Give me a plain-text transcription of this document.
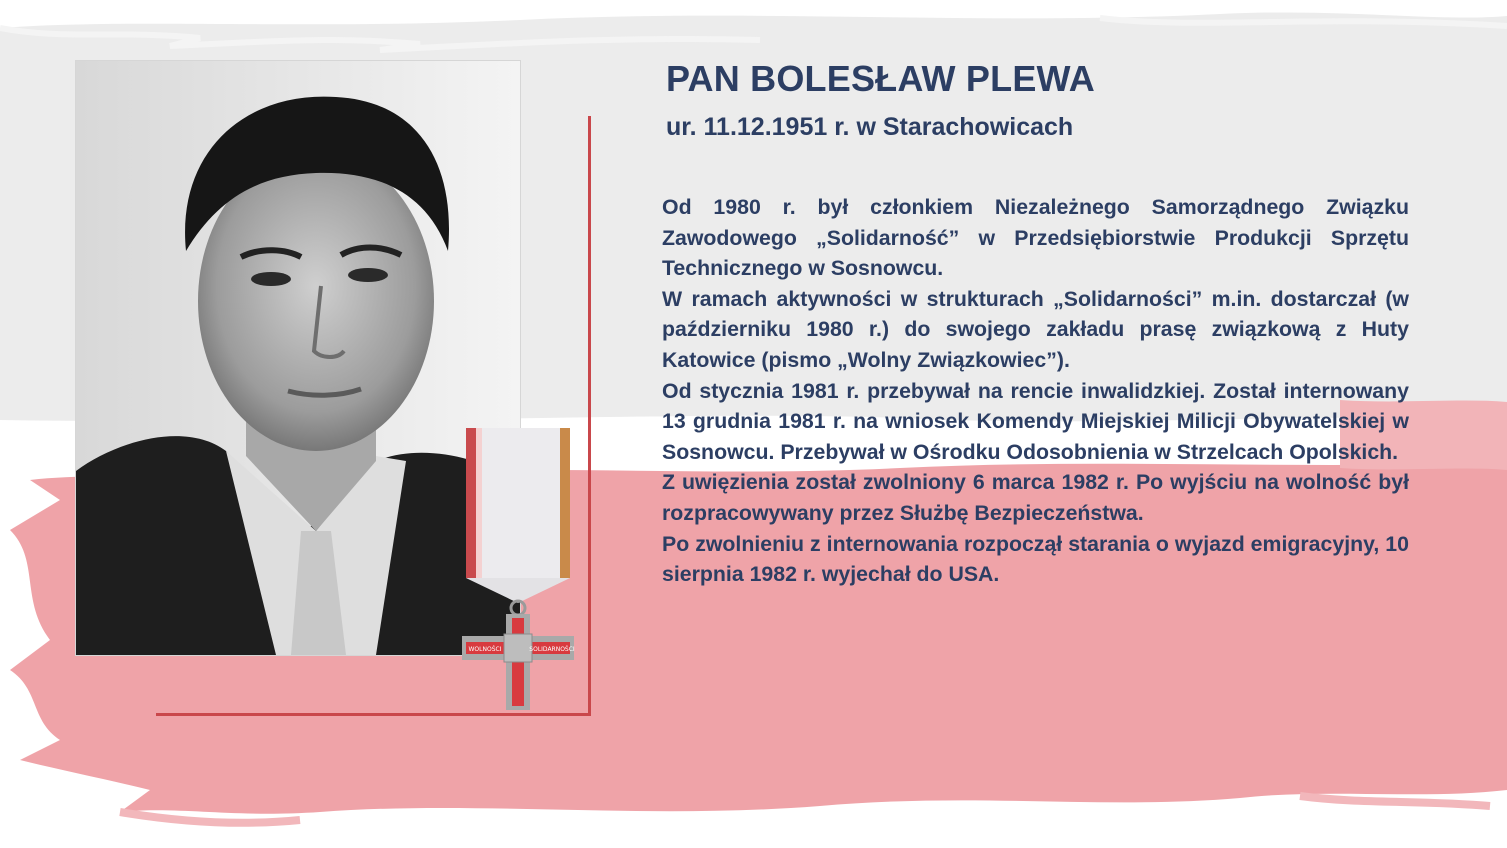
WOLNOŚCI	SOLIDARNOŚCI
PAN BOLESŁAW PLEWA
ur. 11.12.1951 r. w Starachowicach

Od 1980 r. był członkiem Niezależnego Samorządnego Związku Zawodowego „Solidarność” w Przedsiębiorstwie Produkcji Sprzętu Technicznego w Sosnowcu.

W ramach aktywności w strukturach „Solidarności” m.in. dostarczał (w październiku 1980 r.) do swojego zakładu prasę związkową z Huty Katowice (pismo „Wolny Związkowiec”).

Od stycznia 1981 r. przebywał na rencie inwalidzkiej. Został internowany 13 grudnia 1981 r. na wniosek Komendy Miejskiej Milicji Obywatelskiej w Sosnowcu. Przebywał w Ośrodku Odosobnienia w Strzelcach Opolskich.

Z uwięzienia został zwolniony 6 marca 1982 r. Po wyjściu na wolność był rozpracowywany przez Służbę Bezpieczeństwa.

Po zwolnieniu z internowania rozpoczął starania o wyjazd emigracyjny, 10 sierpnia 1982 r. wyjechał do USA.
